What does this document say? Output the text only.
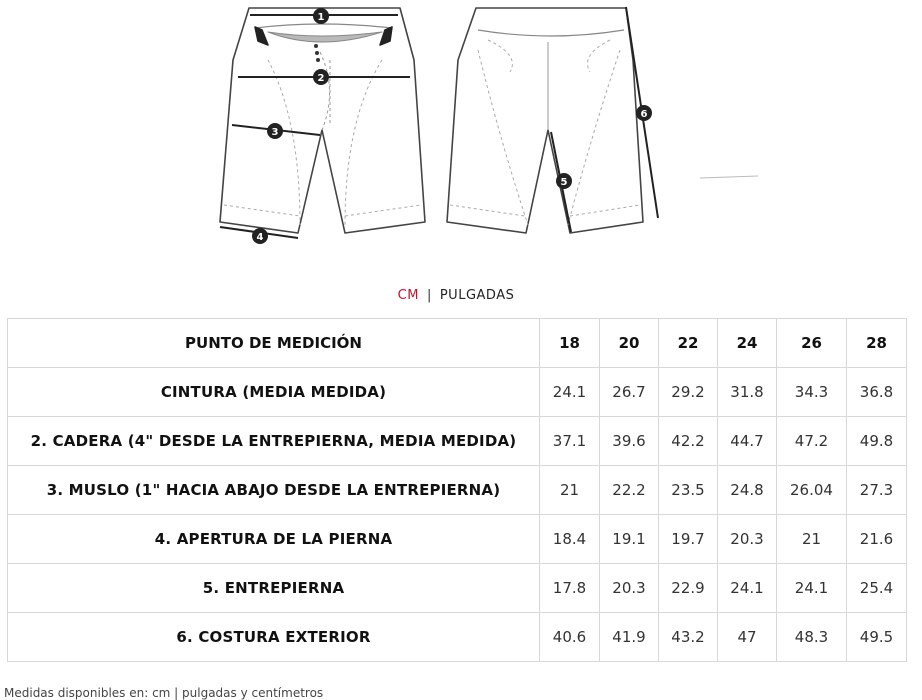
1
2
3
4
5
6
CM | PULGADAS
PUNTO DE MEDICIÓN	18	20	22	24	26	28
CINTURA (MEDIA MEDIDA)	24.1	26.7	29.2	31.8	34.3	36.8
2. CADERA (4" DESDE LA ENTREPIERNA, MEDIA MEDIDA)	37.1	39.6	42.2	44.7	47.2	49.8
3. MUSLO (1" HACIA ABAJO DESDE LA ENTREPIERNA)	21	22.2	23.5	24.8	26.04	27.3
4. APERTURA DE LA PIERNA	18.4	19.1	19.7	20.3	21	21.6
5. ENTREPIERNA	17.8	20.3	22.9	24.1	24.1	25.4
6. COSTURA EXTERIOR	40.6	41.9	43.2	47	48.3	49.5
Medidas disponibles en: cm | pulgadas y centímetros
